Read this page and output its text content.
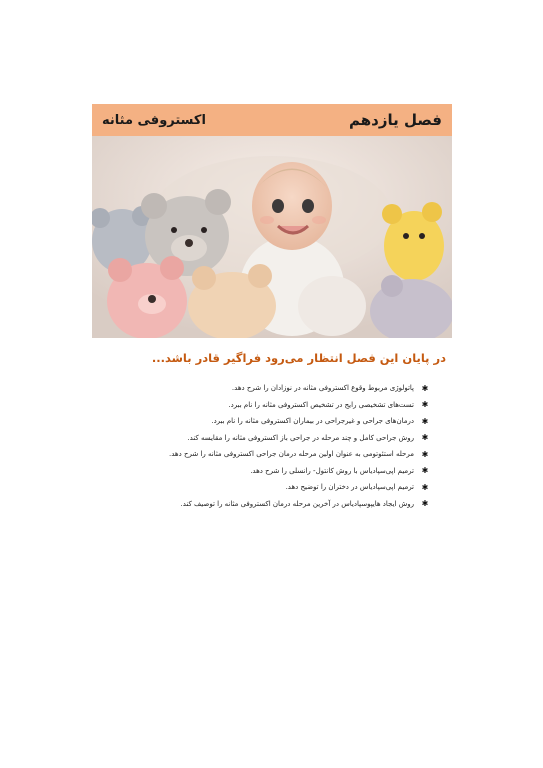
فصل یازدهم
اکستروفی مثانه
در پایان این فصل انتظار می‌رود فراگیر قادر باشد...
✱
پاتولوژی مربوط وقوع اکستروفی مثانه در نوزادان را شرح دهد.
✱
تست‌های تشخیصی رایج در تشخیص اکستروفی مثانه را نام ببرد.
✱
درمان‌های جراحی و غیرجراحی در بیماران اکستروفی مثانه را نام ببرد.
✱
روش جراحی کامل و چند مرحله در جراحی باز اکستروفی مثانه را مقایسه کند.
✱
مرحله استئوتومی به عنوان اولین مرحله درمان جراحی اکستروفی مثانه را شرح دهد.
✱
ترمیم اپی‌سپادیاس با روش کانتول- رانسلی را شرح دهد.
✱
ترمیم اپی‌سپادیاس در دختران را توضیح دهد.
✱
روش ایجاد هایپوسپادیاس در آخرین مرحله درمان اکستروفی مثانه را توصیف کند.
